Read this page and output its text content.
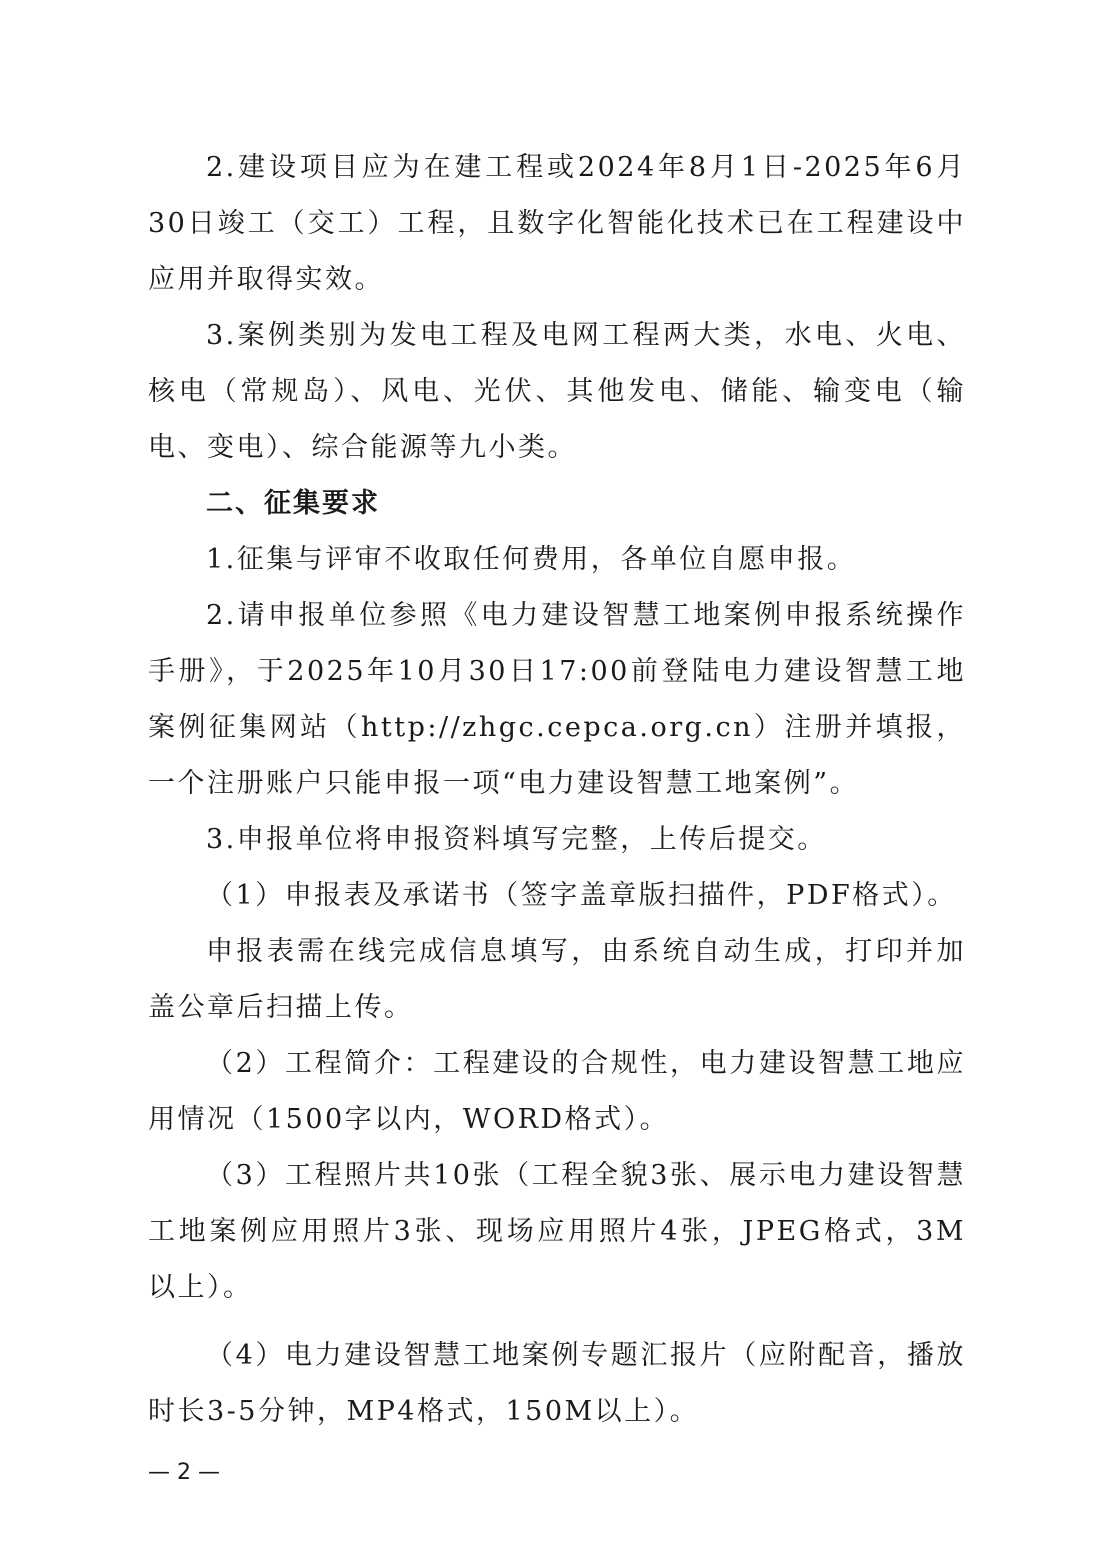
2.建设项目应为在建工程或2024年8月1日-2025年6月30日竣工（交工）工程，且数字化智能化技术已在工程建设中应用并取得实效。

3.案例类别为发电工程及电网工程两大类，水电、火电、核电（常规岛）、风电、光伏、其他发电、储能、输变电（输电、变电）、综合能源等九小类。

二、征集要求

1.征集与评审不收取任何费用，各单位自愿申报。

2.请申报单位参照《电力建设智慧工地案例申报系统操作手册》，于2025年10月30日17:00前登陆电力建设智慧工地案例征集网站（http://zhgc.cepca.org.cn）注册并填报，一个注册账户只能申报一项“电力建设智慧工地案例”。

3.申报单位将申报资料填写完整，上传后提交。

（1）申报表及承诺书（签字盖章版扫描件，PDF格式）。

申报表需在线完成信息填写，由系统自动生成，打印并加盖公章后扫描上传。

（2）工程简介：工程建设的合规性，电力建设智慧工地应用情况（1500字以内，WORD格式）。

（3）工程照片共10张（工程全貌3张、展示电力建设智慧工地案例应用照片3张、现场应用照片4张，JPEG格式，3M以上）。

（4）电力建设智慧工地案例专题汇报片（应附配音，播放时长3-5分钟，MP4格式，150M以上）。

— 2 —
